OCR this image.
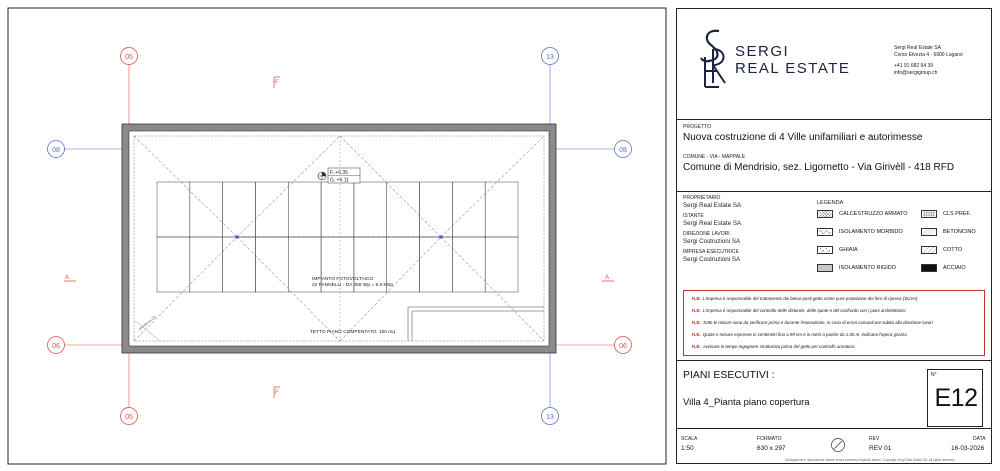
05	13
05	13
08	08
06	06
F
F
A	A
F. +6.35
G. +6.11
IMPIANTO FOTOVOLTAICO
22 PANNELLI - DA 458 Wp = 9.9 kWp
TETTO PIANO COMPENTATO: 100 mq
pendenza 2%
SERGI
REAL ESTATE
Sergi Real Estate SA
Corso Elvezia 4 · 6900 Lugano
+41 91 682 94 39
info@sergigroup.ch
PROGETTO
Nuova costruzione di 4 Ville unifamiliari e autorimesse
COMUNE - VIA - MAPPALE
Comune di Mendrisio, sez. Ligornetto - Via Girivèll - 418 RFD
PROPRIETARIO
Sergi Real Estate SA
ISTANTE
Sergi Real Estate SA
DIREZIONE LAVORI
Sergi Costruzioni SA
IMPRESA ESECUTRICE
Sergi Costruzioni SA
LEGENDA
CALCESTRUZZO ARMATO	CLS PREF.
ISOLAMENTO MORBIDO	BETONCINO
GHIAIA	COTTO
ISOLAMENTO RIGIDO	ACCIAIO
N.B. L'impresa è responsabile del trattamento dei beton posti getto come pure protezione dei ferri di ripresa (SUVA)
N.B. L'impresa è responsabile del controllo delle distanze, delle quote e del confronto con i piani architettonici
N.B. Tutte le misure sono da verificare prima e durante l'esecuzione, in caso di errori comunicare subito alla direzione lavori
N.B. Quote e misure espresse in centimetri fino a 99 cm e in metri a partire da 1.00 m, indicano l'opera grezza
N.B. Avvisare in tempo ingegnere strutturista prima del getto per controllo armatura
PIANI ESECUTIVI :
Villa 4_Pianta piano copertura
N°
E12
SCALA
1:50
FORMATO
630 x 297
REV
REV 01
DATA
16-03-2026
Divulgazione e riproduzione vietate senza consenso esplicito autore. Copyright Sergi Real Estate SA. All rights reserved.
